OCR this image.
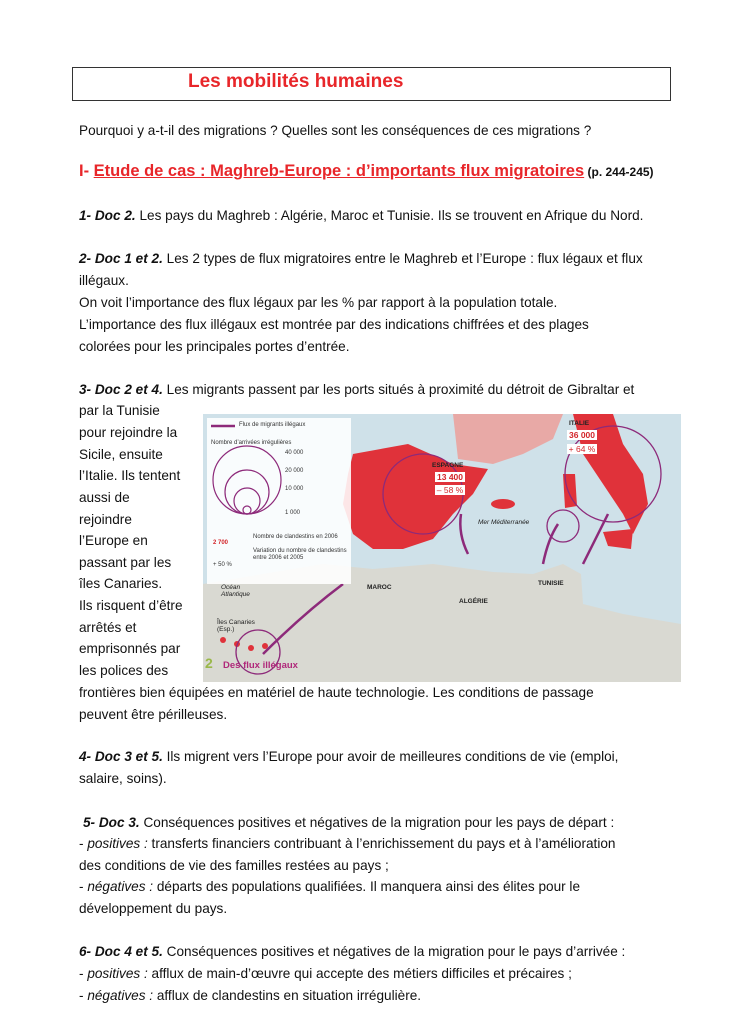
Les mobilités humaines

Pourquoi y a-t-il des migrations ? Quelles sont les conséquences de ces migrations ?

I- Etude de cas : Maghreb-Europe : d’importants flux migratoires (p. 244-245)

1- Doc 2. Les pays du Maghreb : Algérie, Maroc et Tunisie. Ils se trouvent en Afrique du Nord.

2- Doc 1 et 2. Les 2 types de flux migratoires entre le Maghreb et l’Europe : flux légaux et flux

illégaux.

On voit l’importance des flux légaux par les % par rapport à la population totale.

L’importance des flux illégaux est montrée par des indications chiffrées et des plages

colorées pour les principales portes d’entrée.

3- Doc 2 et 4. Les migrants passent par les ports situés à proximité du détroit de Gibraltar et

par la Tunisie

pour rejoindre la

Sicile, ensuite

l’Italie. Ils tentent

aussi de

rejoindre

l’Europe en

passant par les

îles Canaries.

Ils risquent d’être

arrêtés et

emprisonnés par

les polices des

frontières bien équipées en matériel de haute technologie. Les conditions de passage

peuvent être périlleuses.

4- Doc 3 et 5. Ils migrent vers l’Europe pour avoir de meilleures conditions de vie (emploi,

salaire, soins).

5- Doc 3. Conséquences positives et négatives de la migration pour les pays de départ :

- positives : transferts financiers contribuant à l’enrichissement du pays et à l’amélioration

des conditions de vie des familles restées au pays ;

- négatives : départs des populations qualifiées. Il manquera ainsi des élites pour le

développement du pays.

6- Doc 4 et 5. Conséquences positives et négatives de la migration pour le pays d’arrivée :

- positives : afflux de main-d’œuvre qui accepte des métiers difficiles et précaires ;

- négatives : afflux de clandestins en situation irrégulière.

Flux de migrants illégaux
Nombre d’arrivées irrégulières
40 000
20 000
10 000
1 000
2 700
Nombre de clandestins en 2006
+ 50 %
Variation du nombre de clandestins entre 2006 et 2005
ESPAGNE
13 400
– 58 %
ITALIE
36 000
+ 64 %
MAROC
ALGÉRIE
TUNISIE
Océan Atlantique
Mer Méditerranée
Îles Canaries (Esp.)
2 Des flux illégaux
